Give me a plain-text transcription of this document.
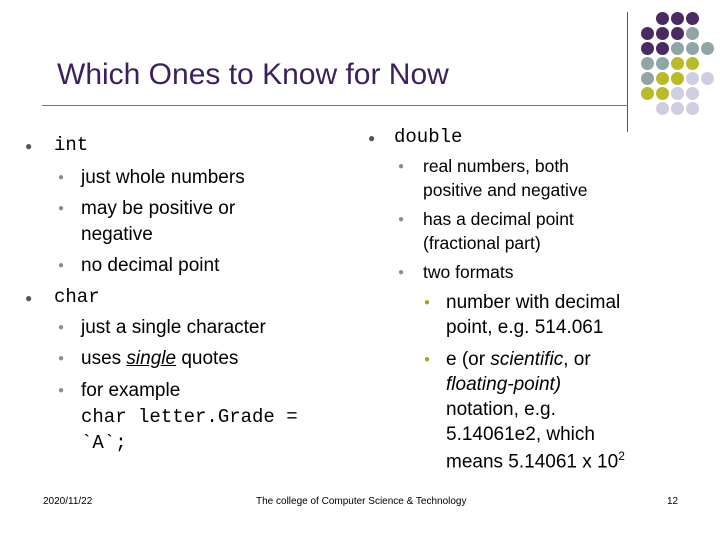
Which Ones to Know for Now
● int
● just whole numbers
● may be positive or
negative
● no decimal point
● char
● just a single character
● uses single quotes
● for example
char letter.Grade =
`A`;
● double
● real numbers, both
positive and negative
● has a decimal point
(fractional part)
● two formats
● number with decimal
point, e.g. 514.061
● e (or scientific, or
floating-point)
notation, e.g.
5.14061e2, which
means 5.14061 x $10^2$
2020/11/22	The college of Computer Science & Technology	12
